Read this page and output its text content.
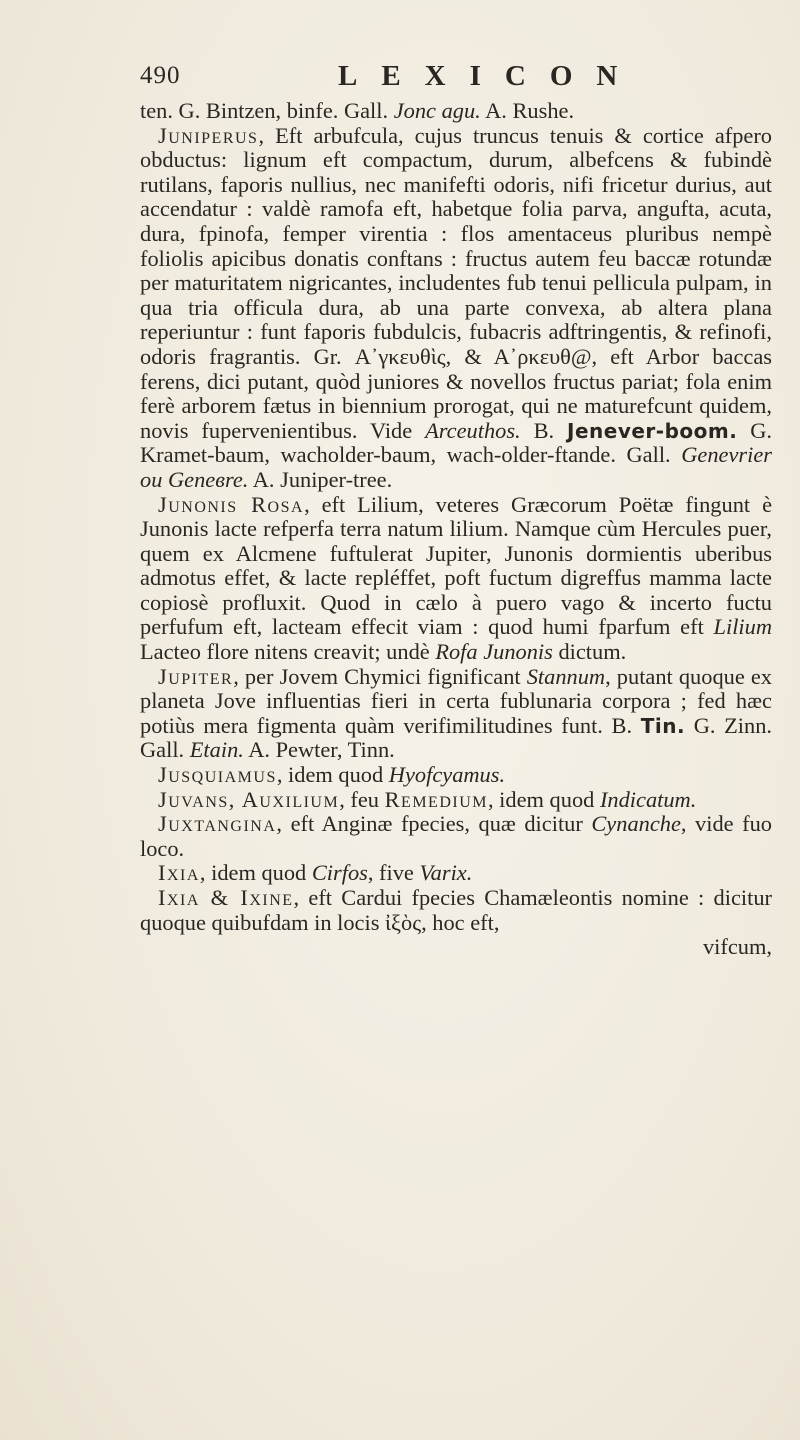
490	LEXICON

ten. G. Bintzen, binfe. Gall. Jonc agu. A. Rushe.

Juniperus, Eft arbufcula, cujus truncus tenuis & cortice afpero obductus: lignum eft compactum, durum, albefcens & fubindè rutilans, faporis nullius, nec manifefti odoris, nifi fricetur durius, aut accendatur : valdè ramofa eft, habetque folia parva, angufta, acuta, dura, fpinofa, femper virentia : flos amentaceus pluribus nempè foliolis apicibus donatis conftans : fructus autem feu baccæ rotundæ per maturitatem nigricantes, includentes fub tenui pellicula pulpam, in qua tria officula dura, ab una parte convexa, ab altera plana reperiuntur : funt faporis fubdulcis, fubacris adftringentis, & refinofi, odoris fragrantis. Gr. Α᾽γκευθὶς, & Α᾽ρκευθ@, eft Arbor baccas ferens, dici putant, quòd juniores & novellos fructus pariat; fola enim ferè arborem fætus in biennium prorogat, qui ne maturefcunt quidem, novis fupervenientibus. Vide Arceuthos. B. Jenever-boom. G. Kramet-baum, wacholder-baum, wach-older-ftande. Gall. Genevrier ou Geneвre. A. Juniper-tree.

Junonis Rosa, eft Lilium, veteres Græcorum Poëtæ fingunt è Junonis lacte refperfa terra natum lilium. Namque cùm Hercules puer, quem ex Alcmene fuftulerat Jupiter, Junonis dormientis uberibus admotus effet, & lacte repléffet, poft fuctum digreffus mamma lacte copiosè profluxit. Quod in cælo à puero vago & incerto fuctu perfufum eft, lacteam effecit viam : quod humi fparfum eft Lilium Lacteo flore nitens creavit; undè Rofa Junonis dictum.

Jupiter, per Jovem Chymici fignificant Stannum, putant quoque ex planeta Jove influentias fieri in certa fublunaria corpora ; fed hæc potiùs mera figmenta quàm verifimilitudines funt. B. Tin. G. Zinn. Gall. Etain. A. Pewter, Tinn.

Jusquiamus, idem quod Hyofcyamus.

Juvans, Auxilium, feu Remedium, idem quod Indicatum.

Juxtangina, eft Anginæ fpecies, quæ dicitur Cynanche, vide fuo loco.

Ixia, idem quod Cirfos, five Varix.

Ixia & Ixine, eft Cardui fpecies Chamæleontis nomine : dicitur quoque quibufdam in locis ἰξὸς, hoc eft,

vifcum,
